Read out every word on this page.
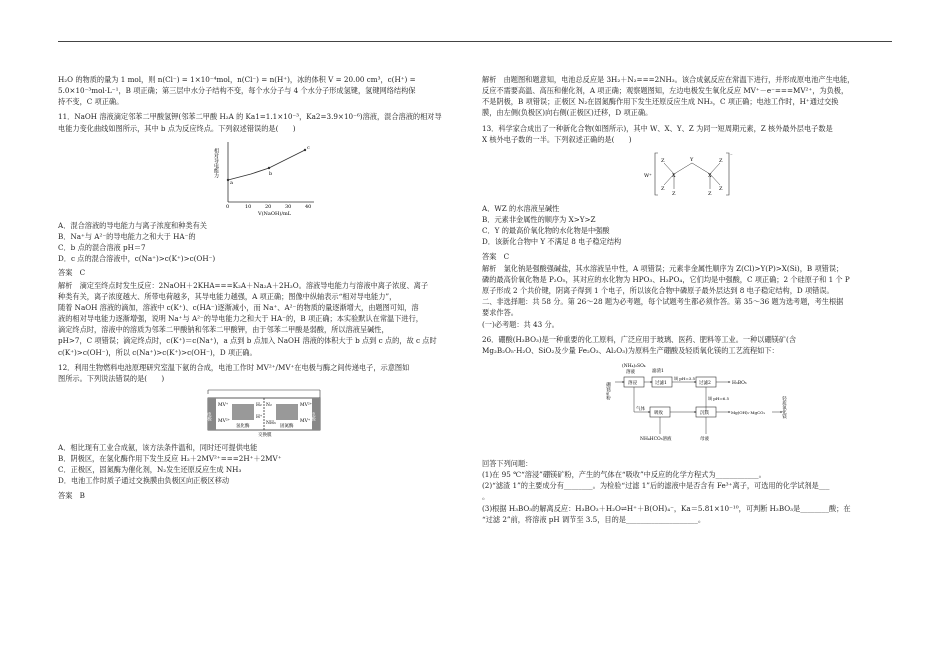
H₂O 的物质的量为 1 mol，则 n(Cl⁻) = 1×10⁻⁴mol，n(Cl⁻) = n(H⁺)，冰的体积 V = 20.00 cm³，c(H⁺) =

5.0×10⁻³mol·L⁻¹，B 项正确；第三层中水分子结构不变，每个水分子与 4 个水分子形成氢键，氢键网络结构保

持不变，C 项正确。

11．NaOH 溶液滴定邻苯二甲酸氢钾(邻苯二甲酸 H₂A 的 Ka1=1.1×10⁻³，Ka2=3.9×10⁻⁶)溶液，混合溶液的相对导

电能力变化曲线如图所示，其中 b 点为反应终点。下列叙述错误的是(　　)

a
b
c
0	10	20	30	40
V(NaOH)/mL
相对导电能力

A．混合溶液的导电能力与离子浓度和种类有关

B．Na⁺与 A²⁻的导电能力之和大于 HA⁻的

C．b 点的混合溶液 pH＝7

D．c 点的混合溶液中，c(Na⁺)>c(K⁺)>c(OH⁻)

答案　C

解析　滴定至终点时发生反应：2NaOH＋2KHA===K₂A＋Na₂A＋2H₂O。溶液导电能力与溶液中离子浓度、离子

种类有关，离子浓度越大、所带电荷越多，其导电能力越强，A 项正确；图像中纵轴表示“相对导电能力”，

随着 NaOH 溶液的滴加，溶液中 c(K⁺)、c(HA⁻)逐渐减小，而 Na⁺、A²⁻的物质的量逐渐增大，由题图可知，溶

液的相对导电能力逐渐增强，说明 Na⁺与 A²⁻的导电能力之和大于 HA⁻的，B 项正确；本实验默认在常温下进行，

滴定终点时，溶液中的溶质为邻苯二甲酸钠和邻苯二甲酸钾，由于邻苯二甲酸是弱酸，所以溶液呈碱性，

pH>7，C 项错误；滴定终点时，c(K⁺)＝c(Na⁺)，a 点到 b 点加入 NaOH 溶液的体积大于 b 点到 c 点的，故 c 点时

c(K⁺)>c(OH⁻)，所以 c(Na⁺)>c(K⁺)>c(OH⁻)，D 项正确。

12．利用生物燃料电池原理研究室温下氨的合成，电池工作时 MV²⁺/MV⁺在电极与酶之间传递电子，示意图如

图所示。下列说法错误的是(　　)

电极	电极
MV⁺
MV²⁺
H₂
H⁺
N₂
NH₃
MV²⁺
MV⁺
氢化酶	固氮酶
交换膜

A．相比现有工业合成氨，该方法条件温和，同时还可提供电能

B．阴极区，在氢化酶作用下发生反应 H₂＋2MV²⁺===2H⁺＋2MV⁺

C．正极区，固氮酶为催化剂，N₂发生还原反应生成 NH₃

D．电池工作时质子通过交换膜由负极区向正极区移动

答案　B

解析　由题图和题意知，电池总反应是 3H₂＋N₂===2NH₃。该合成氨反应在常温下进行，并形成原电池产生电能，

反应不需要高温、高压和催化剂，A 项正确；观察题图知，左边电极发生氧化反应 MV⁺－e⁻===MV²⁺，为负极，

不是阴极，B 项错误；正极区 N₂在固氮酶作用下发生还原反应生成 NH₃，C 项正确；电池工作时，H⁺通过交换

膜，由左侧(负极区)向右侧(正极区)迁移，D 项正确。

13．科学家合成出了一种新化合物(如图所示)，其中 W、X、Y、Z 为同一短周期元素，Z 核外最外层电子数是

X 核外电子数的一半。下列叙述正确的是(　　)

W⁺
⁻
Z
Z
Z
Z
Z
Z
X	X
Y

A．WZ 的水溶液呈碱性

B．元素非金属性的顺序为 X>Y>Z

C．Y 的最高价氧化物的水化物是中强酸

D．该新化合物中 Y 不满足 8 电子稳定结构

答案　C

解析　氯化钠是强酸强碱盐，其水溶液呈中性，A 项错误；元素非金属性顺序为 Z(Cl)>Y(P)>X(Si)，B 项错误；

磷的最高价氧化物是 P₂O₅，其对应的水化物为 HPO₃、H₃PO₄，它们均是中强酸，C 项正确；2 个硅原子和 1 个 P

原子形成 2 个共价键，阴离子得到 1 个电子，所以该化合物中磷原子最外层达到 8 电子稳定结构，D 项错误。

二、非选择题：共 58 分。第 26～28 题为必考题，每个试题考生都必须作答。第 35～36 题为选考题，考生根据

要求作答。

(一)必考题：共 43 分。

26．硼酸(H₃BO₃)是一种重要的化工原料，广泛应用于玻璃、医药、肥料等工业。一种以硼镁矿(含

Mg₂B₂O₅·H₂O、SiO₂及少量 Fe₂O₃、Al₂O₃)为原料生产硼酸及轻质氧化镁的工艺流程如下：

(NH₄)₂SO₄
溶液
硼镁矿粉	溶浸	过滤1
滤渣1
调 pH=3.5
过滤2	H₃BO₃
调 pH=6.5
气体
吸收	沉镁	Mg(OH)₂·MgCO₃	轻质氧化镁
NH₄HCO₃溶液	母液

回答下列问题：

(1)在 95 ℃“溶浸”硼镁矿粉，产生的气体在“吸收”中反应的化学方程式为____________。

(2)“滤渣 1”的主要成分有________。为检验“过滤 1”后的滤液中是否含有 Fe³⁺离子，可选用的化学试剂是___

。

(3)根据 H₃BO₃的解离反应：H₃BO₃＋H₂O⇌H⁺＋B(OH)₄⁻，Ka＝5.81×10⁻¹⁰，可判断 H₃BO₃是________酸；在

“过滤 2”前，将溶液 pH 调节至 3.5，目的是____________________。
